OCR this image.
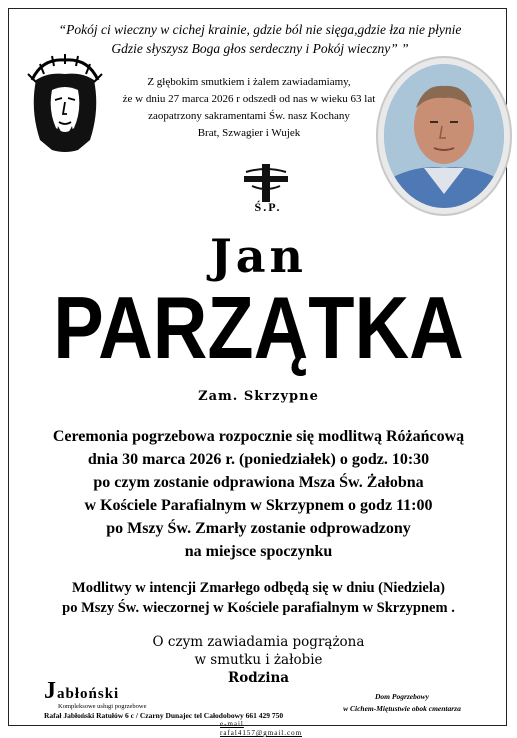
“Pokój ci wieczny w cichej krainie, gdzie ból nie sięga,gdzie łza nie płynie
Gdzie słyszysz Boga głos serdeczny i Pokój wieczny” ”
Z głębokim smutkiem i żalem zawiadamiamy,
że w dniu 27 marca 2026 r odszedł od nas w wieku 63 lat
zaopatrzony sakramentami Św. nasz Kochany
Brat, Szwagier i Wujek
Ś.P.
Jan
PARZĄTKA
Zam. Skrzypne
Ceremonia pogrzebowa rozpocznie się modlitwą Różańcową
dnia 30 marca 2026 r. (poniedziałek) o godz. 10:30
po czym zostanie odprawiona Msza Św. Żałobna
w Kościele Parafialnym w Skrzypnem o godz 11:00
po Mszy Św. Zmarły zostanie odprowadzony
na miejsce spoczynku
Modlitwy w intencji Zmarłego odbędą się w dniu (Niedziela)
po Mszy Św. wieczornej w Kościele parafialnym w Skrzypnem .
O czym zawiadamia pogrążona
w smutku i żałobie
Rodzina
Jabłoński
Kompleksowe usługi pogrzebowe
Rafał Jabłoński Ratułów 6 c / Czarny Dunajec tel Całodobowy 661 429 750
e-mail rafal4157@gmail.com
Dom Pogrzebowy
w Cichem-Miętustwie obok cmentarza
